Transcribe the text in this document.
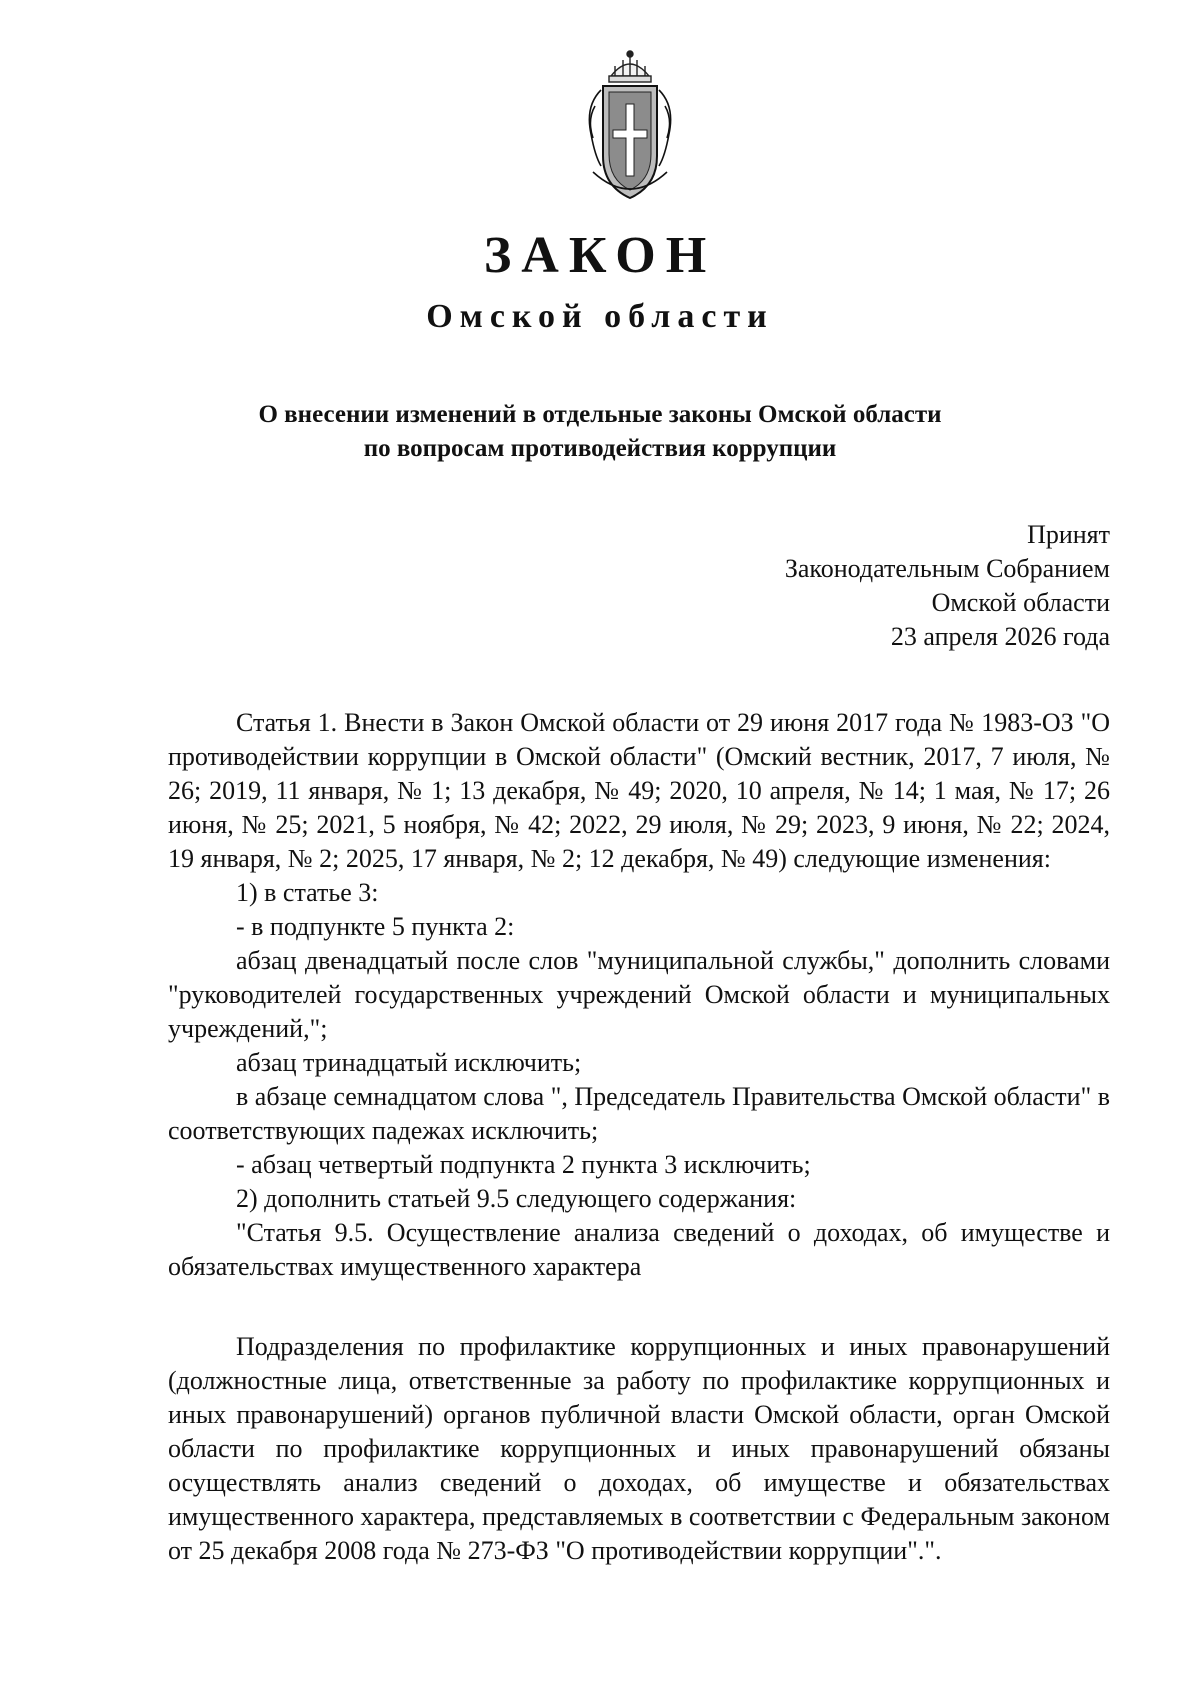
ЗАКОН
Омской области
О внесении изменений в отдельные законы Омской области
по вопросам противодействия коррупции
Принят
Законодательным Собранием
Омской области
23 апреля 2026 года

Статья 1. Внести в Закон Омской области от 29 июня 2017 года № 1983-ОЗ "О противодействии коррупции в Омской области" (Омский вестник, 2017, 7 июля, № 26; 2019, 11 января, № 1; 13 декабря, № 49; 2020, 10 апреля, № 14; 1 мая, № 17; 26 июня, № 25; 2021, 5 ноября, № 42; 2022, 29 июля, № 29; 2023, 9 июня, № 22; 2024, 19 января, № 2; 2025, 17 января, № 2; 12 декабря, № 49) следующие изменения:

1) в статье 3:

- в подпункте 5 пункта 2:

абзац двенадцатый после слов "муниципальной службы," дополнить словами "руководителей государственных учреждений Омской области и муниципальных учреждений,";

абзац тринадцатый исключить;

в абзаце семнадцатом слова ", Председатель Правительства Омской области" в соответствующих падежах исключить;

- абзац четвертый подпункта 2 пункта 3 исключить;

2) дополнить статьей 9.5 следующего содержания:

"Статья 9.5. Осуществление анализа сведений о доходах, об имуществе и обязательствах имущественного характера

Подразделения по профилактике коррупционных и иных правонарушений (должностные лица, ответственные за работу по профилактике коррупционных и иных правонарушений) органов публичной власти Омской области, орган Омской области по профилактике коррупционных и иных правонарушений обязаны осуществлять анализ сведений о доходах, об имуществе и обязательствах имущественного характера, представляемых в соответствии с Федеральным законом от 25 декабря 2008 года № 273-ФЗ "О противодействии коррупции".".
